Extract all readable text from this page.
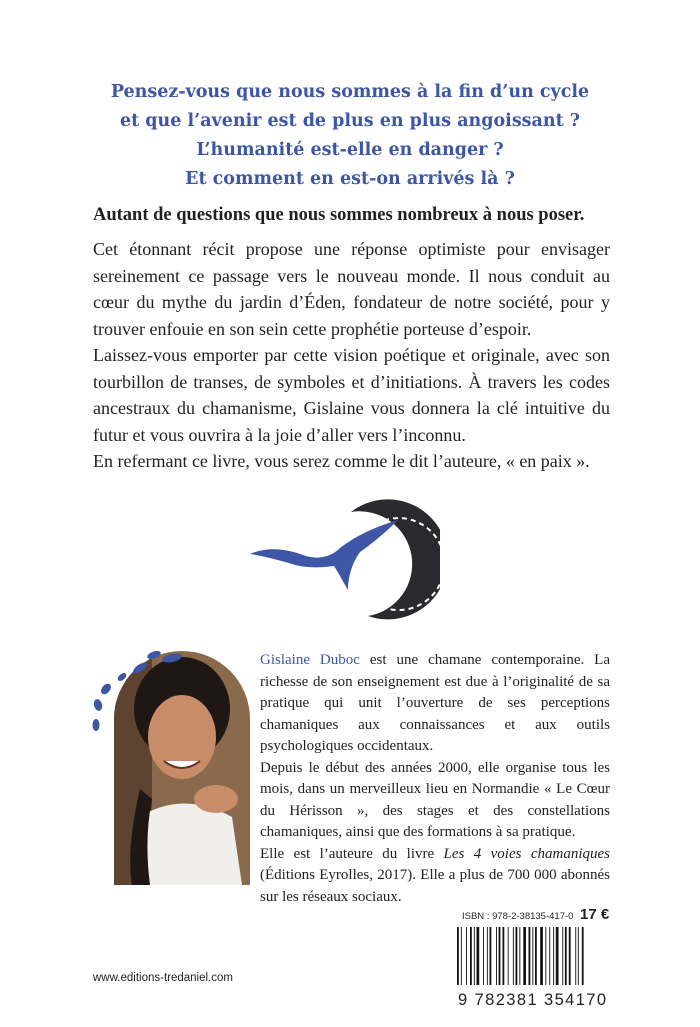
Pensez-vous que nous sommes à la fin d’un cycle
et que l’avenir est de plus en plus angoissant ?
L’humanité est-elle en danger ?
Et comment en est-on arrivés là ?
Autant de questions que nous sommes nombreux à nous poser.

Cet étonnant récit propose une réponse optimiste pour envisager sereinement ce passage vers le nouveau monde. Il nous conduit au cœur du mythe du jardin d’Éden, fondateur de notre société, pour y trouver enfouie en son sein cette prophétie porteuse d’espoir.

Laissez-vous emporter par cette vision poétique et originale, avec son tourbillon de transes, de symboles et d’initiations. À travers les codes ancestraux du chamanisme, Gislaine vous donnera la clé intuitive du futur et vous ouvrira à la joie d’aller vers l’inconnu.

En refermant ce livre, vous serez comme le dit l’auteure, « en paix ».

Gislaine Duboc est une chamane contemporaine. La richesse de son enseignement est due à l’originalité de sa pratique qui unit l’ouverture de ses perceptions chamaniques aux connaissances et aux outils psychologiques occidentaux.

Depuis le début des années 2000, elle organise tous les mois, dans un merveilleux lieu en Normandie « Le Cœur du Hérisson », des stages et des constellations chamaniques, ainsi que des formations à sa pratique.

Elle est l’auteure du livre Les 4 voies chamaniques (Éditions Eyrolles, 2017). Elle a plus de 700 000 abonnés sur les réseaux sociaux.

ISBN : 978-2-38135-417-0 17 €
9 782381 354170
www.editions-tredaniel.com
